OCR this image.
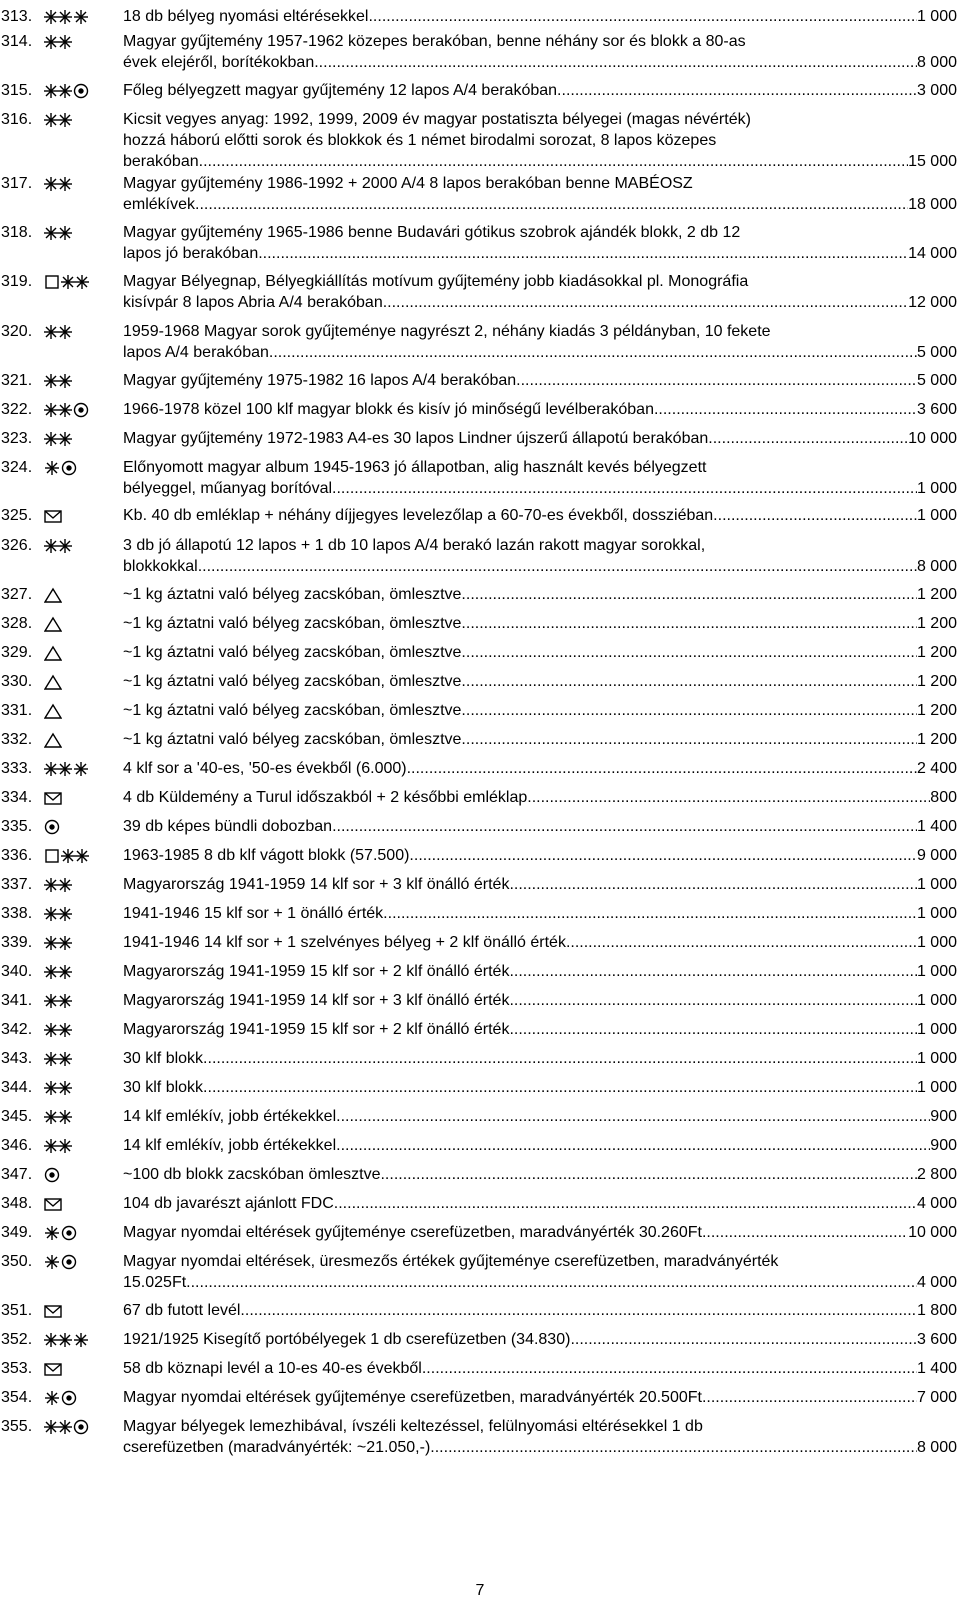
313.	18 db bélyeg nyomási eltérésekkel .....	1 000
314.	Magyar gyűjtemény 1957-1962 közepes berakóban, benne néhány sor és blokk a 80-as
évek elejéről, borítékokban .....	8 000
315.	Főleg bélyegzett magyar gyűjtemény 12 lapos A/4 berakóban .....	3 000
316.	Kicsit vegyes anyag: 1992, 1999, 2009 év magyar postatiszta bélyegei (magas névérték)
hozzá háború előtti sorok és blokkok és 1 német birodalmi sorozat, 8 lapos közepes
berakóban .....	15 000
317.	Magyar gyűjtemény 1986-1992 + 2000 A/4 8 lapos berakóban benne MABÉOSZ
emlékívek .....	18 000
318.	Magyar gyűjtemény 1965-1986 benne Budavári gótikus szobrok ajándék blokk, 2 db 12
lapos jó berakóban .....	14 000
319.	Magyar Bélyegnap, Bélyegkiállítás motívum gyűjtemény jobb kiadásokkal pl. Monográfia
kisívpár 8 lapos Abria A/4 berakóban .....	12 000
320.	1959-1968 Magyar sorok gyűjteménye nagyrészt 2, néhány kiadás 3 példányban, 10 fekete
lapos A/4 berakóban .....	5 000
321.	Magyar gyűjtemény 1975-1982 16 lapos A/4 berakóban .....	5 000
322.	1966-1978 közel 100 klf magyar blokk és kisív jó minőségű levélberakóban .....	3 600
323.	Magyar gyűjtemény 1972-1983 A4-es 30 lapos Lindner újszerű állapotú berakóban .....	10 000
324.	Előnyomott magyar album 1945-1963 jó állapotban, alig használt kevés bélyegzett
bélyeggel, műanyag borítóval .....	1 000
325.	Kb. 40 db emléklap + néhány díjjegyes levelezőlap a 60-70-es évekből, dossziéban .....	1 000
326.	3 db jó állapotú 12 lapos + 1 db 10 lapos A/4 berakó lazán rakott magyar sorokkal,
blokkokkal .....	8 000
327.	~1 kg áztatni való bélyeg zacskóban, ömlesztve .....	1 200
328.	~1 kg áztatni való bélyeg zacskóban, ömlesztve .....	1 200
329.	~1 kg áztatni való bélyeg zacskóban, ömlesztve .....	1 200
330.	~1 kg áztatni való bélyeg zacskóban, ömlesztve .....	1 200
331.	~1 kg áztatni való bélyeg zacskóban, ömlesztve .....	1 200
332.	~1 kg áztatni való bélyeg zacskóban, ömlesztve .....	1 200
333.	4 klf sor a '40-es, '50-es évekből (6.000) .....	2 400
334.	4 db Küldemény a Turul időszakból + 2 későbbi emléklap .....	800
335.	39 db képes bündli dobozban .....	1 400
336.	1963-1985 8 db klf vágott blokk (57.500) .....	9 000
337.	Magyarország 1941-1959 14 klf sor + 3 klf önálló érték .....	1 000
338.	1941-1946 15 klf sor + 1 önálló érték .....	1 000
339.	1941-1946 14 klf sor + 1 szelvényes bélyeg + 2 klf önálló érték .....	1 000
340.	Magyarország 1941-1959 15 klf sor + 2 klf önálló érték .....	1 000
341.	Magyarország 1941-1959 14 klf sor + 3 klf önálló érték .....	1 000
342.	Magyarország 1941-1959 15 klf sor + 2 klf önálló érték .....	1 000
343.	30 klf blokk .....	1 000
344.	30 klf blokk .....	1 000
345.	14 klf emlékív, jobb értékekkel .....	900
346.	14 klf emlékív, jobb értékekkel .....	900
347.	~100 db blokk zacskóban ömlesztve .....	2 800
348.	104 db javarészt ajánlott FDC .....	4 000
349.	Magyar nyomdai eltérések gyűjteménye cserefüzetben, maradványérték 30.260Ft .....	10 000
350.	Magyar nyomdai eltérések, üresmezős értékek gyűjteménye cserefüzetben, maradványérték
15.025Ft .....	4 000
351.	67 db futott levél .....	1 800
352.	1921/1925 Kisegítő portóbélyegek 1 db cserefüzetben (34.830) .....	3 600
353.	58 db köznapi levél a 10-es 40-es évekből .....	1 400
354.	Magyar nyomdai eltérések gyűjteménye cserefüzetben, maradványérték 20.500Ft .....	7 000
355.	Magyar bélyegek lemezhibával, ívszéli keltezéssel, felülnyomási eltérésekkel 1 db
cserefüzetben (maradványérték: ~21.050,-) .....	8 000
7
